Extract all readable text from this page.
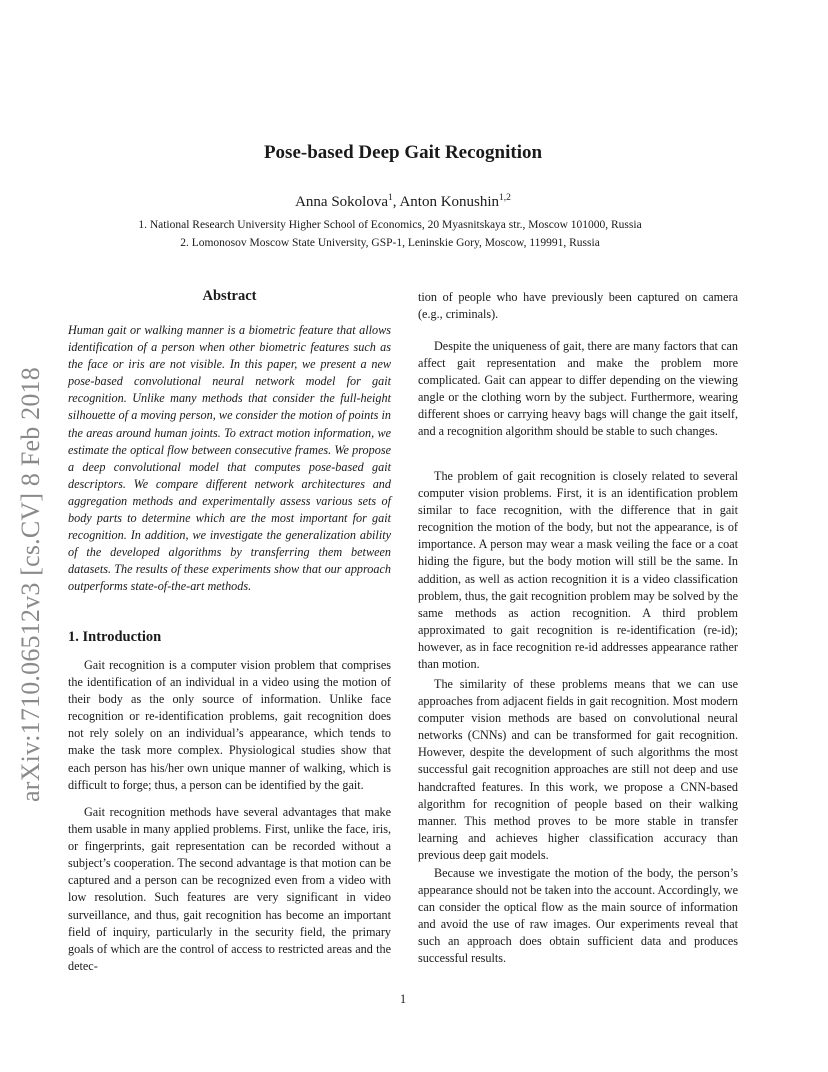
arXiv:1710.06512v3 [cs.CV] 8 Feb 2018
Pose-based Deep Gait Recognition
Anna Sokolova$^1$, Anton Konushin$^{1,2}$
1. National Research University Higher School of Economics, 20 Myasnitskaya str., Moscow 101000, Russia
2. Lomonosov Moscow State University, GSP-1, Leninskie Gory, Moscow, 119991, Russia
Abstract
Human gait or walking manner is a biometric feature that allows identification of a person when other biometric features such as the face or iris are not visible. In this paper, we present a new pose-based convolutional neural network model for gait recognition. Unlike many methods that consider the full-height silhouette of a moving person, we consider the motion of points in the areas around human joints. To extract motion information, we estimate the optical flow between consecutive frames. We propose a deep convolutional model that computes pose-based gait descriptors. We compare different network architectures and aggregation methods and experimentally assess various sets of body parts to determine which are the most important for gait recognition. In addition, we investigate the generalization ability of the developed algorithms by transferring them between datasets. The results of these experiments show that our approach outperforms state-of-the-art methods.
1. Introduction
Gait recognition is a computer vision problem that comprises the identification of an individual in a video using the motion of their body as the only source of information. Unlike face recognition or re-identification problems, gait recognition does not rely solely on an individual’s appearance, which tends to make the task more complex. Physiological studies show that each person has his/her own unique manner of walking, which is difficult to forge; thus, a person can be identified by the gait.
Gait recognition methods have several advantages that make them usable in many applied problems. First, unlike the face, iris, or fingerprints, gait representation can be recorded without a subject’s cooperation. The second advantage is that motion can be captured and a person can be recognized even from a video with low resolution. Such features are very significant in video surveillance, and thus, gait recognition has become an important field of inquiry, particularly in the security field, the primary goals of which are the control of access to restricted areas and the detec-
tion of people who have previously been captured on camera (e.g., criminals).
Despite the uniqueness of gait, there are many factors that can affect gait representation and make the problem more complicated. Gait can appear to differ depending on the viewing angle or the clothing worn by the subject. Furthermore, wearing different shoes or carrying heavy bags will change the gait itself, and a recognition algorithm should be stable to such changes.
The problem of gait recognition is closely related to several computer vision problems. First, it is an identification problem similar to face recognition, with the difference that in gait recognition the motion of the body, but not the appearance, is of importance. A person may wear a mask veiling the face or a coat hiding the figure, but the body motion will still be the same. In addition, as well as action recognition it is a video classification problem, thus, the gait recognition problem may be solved by the same methods as action recognition. A third problem approximated to gait recognition is re-identification (re-id); however, as in face recognition re-id addresses appearance rather than motion.
The similarity of these problems means that we can use approaches from adjacent fields in gait recognition. Most modern computer vision methods are based on convolutional neural networks (CNNs) and can be transformed for gait recognition. However, despite the development of such algorithms the most successful gait recognition approaches are still not deep and use handcrafted features. In this work, we propose a CNN-based algorithm for recognition of people based on their walking manner. This method proves to be more stable in transfer learning and achieves higher classification accuracy than previous deep gait models.
Because we investigate the motion of the body, the person’s appearance should not be taken into the account. Accordingly, we can consider the optical flow as the main source of information and avoid the use of raw images. Our experiments reveal that such an approach does obtain sufficient data and produces successful results.
1
